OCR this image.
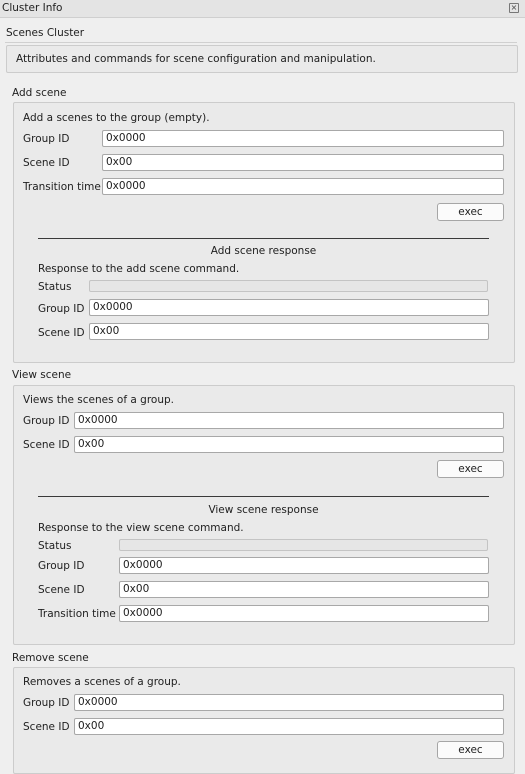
Cluster Info	×
Scenes Cluster
Attributes and commands for scene configuration and manipulation.
Add scene
Add a scenes to the group (empty).
Group ID	0x0000
Scene ID	0x00
Transition time 0x0000
exec
Add scene response
Response to the add scene command.
Status
Group ID 0x0000
Scene ID 0x00
View scene
Views the scenes of a group.
Group ID 0x0000
Scene ID 0x00
exec
View scene response
Response to the view scene command.
Status
Group ID	0x0000
Scene ID	0x00
Transition time 0x0000
Remove scene
Removes a scenes of a group.
Group ID 0x0000
Scene ID 0x00
exec
